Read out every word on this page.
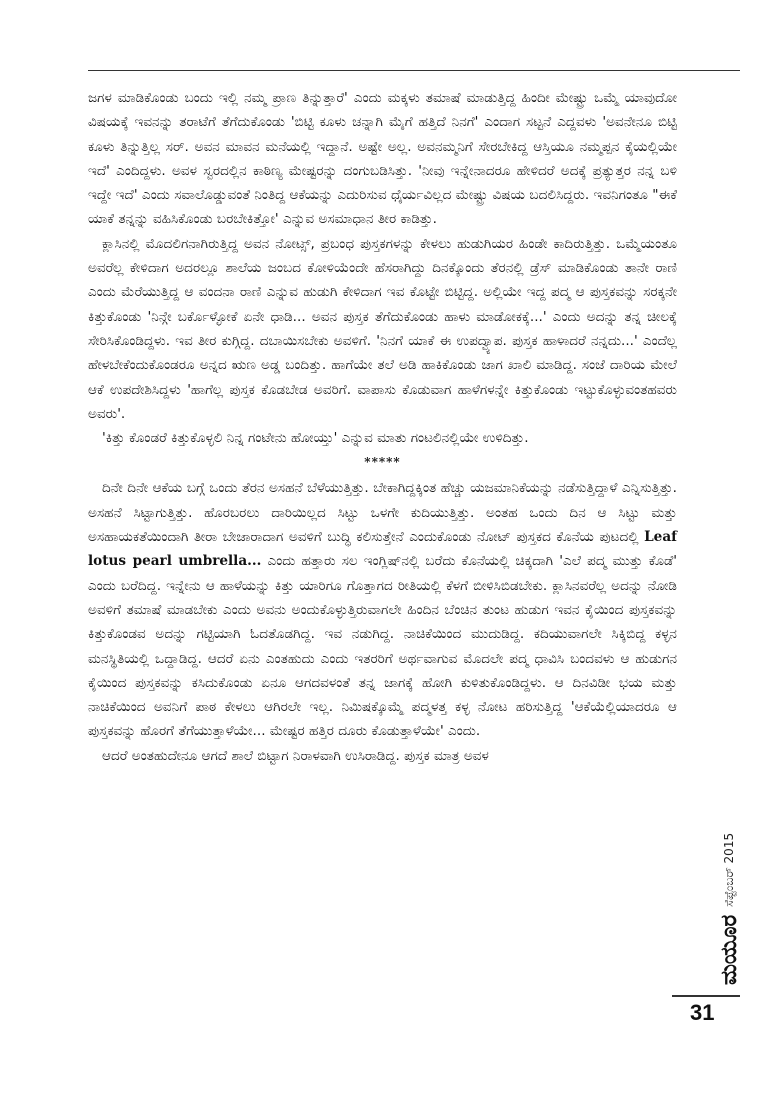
ಜಗಳ ಮಾಡಿಕೊಂಡು ಬಂದು ಇಲ್ಲಿ ನಮ್ಮ ಪ್ರಾಣ ತಿನ್ನುತ್ತಾರೆ' ಎಂದು ಮಕ್ಕಳು ತಮಾಷೆ ಮಾಡುತ್ತಿದ್ದ ಹಿಂದೀ ಮೇಷ್ಟ್ರು ಒಮ್ಮೆ ಯಾವುದೋ ವಿಷಯಕ್ಕೆ ಇವನನ್ನು ತರಾಟೆಗೆ ತೆಗೆದುಕೊಂಡು 'ಬಿಟ್ಟಿ ಕೂಳು ಚನ್ನಾಗಿ ಮೈಗೆ ಹತ್ತಿದೆ ನಿನಗೆ' ಎಂದಾಗ ಸಟ್ಟನೆ ಎದ್ದವಳು 'ಅವನೇನೂ ಬಿಟ್ಟಿ ಕೂಳು ತಿನ್ನುತ್ತಿಲ್ಲ ಸರ್. ಅವನ ಮಾವನ ಮನೆಯಲ್ಲಿ ಇದ್ದಾನೆ. ಅಷ್ಟೇ ಅಲ್ಲ. ಅವನಮ್ಮನಿಗೆ ಸೇರಬೇಕಿದ್ದ ಆಸ್ತಿಯೂ ನಮ್ಮಪ್ಪನ ಕೈಯಲ್ಲಿಯೇ ಇದೆ' ಎಂದಿದ್ದಳು. ಅವಳ ಸ್ವರದಲ್ಲಿನ ಕಾಠಿಣ್ಯ ಮೇಷ್ಟರನ್ನು ದಂಗುಬಡಿಸಿತ್ತು. 'ನೀವು ಇನ್ನೇನಾದರೂ ಹೇಳಿದರೆ ಅದಕ್ಕೆ ಪ್ರತ್ಯುತ್ತರ ನನ್ನ ಬಳಿ ಇದ್ದೇ ಇದೆ' ಎಂದು ಸವಾಲೊಡ್ಡುವಂತೆ ನಿಂತಿದ್ದ ಆಕೆಯನ್ನು ಎದುರಿಸುವ ಧೈರ್ಯವಿಲ್ಲದ ಮೇಷ್ಟ್ರು ವಿಷಯ ಬದಲಿಸಿದ್ದರು. ಇವನಿಗಂತೂ "ಈಕೆ ಯಾಕೆ ತನ್ನನ್ನು ವಹಿಸಿಕೊಂಡು ಬರಬೇಕಿತ್ತೋ' ಎನ್ನುವ ಅಸಮಾಧಾನ ತೀರ ಕಾಡಿತ್ತು.

ಕ್ಲಾಸಿನಲ್ಲಿ ಮೊದಲಿಗನಾಗಿರುತ್ತಿದ್ದ ಅವನ ನೋಟ್ಸ್, ಪ್ರಬಂಧ ಪುಸ್ತಕಗಳನ್ನು ಕೇಳಲು ಹುಡುಗಿಯರ ಹಿಂಡೇ ಕಾದಿರುತ್ತಿತ್ತು. ಒಮ್ಮೆಯಂತೂ ಅವರೆಲ್ಲ ಕೇಳಿದಾಗ ಅದರಲ್ಲೂ ಶಾಲೆಯ ಜಂಬದ ಕೋಳಿಯೆಂದೇ ಹೆಸರಾಗಿದ್ದು ದಿನಕ್ಕೊಂದು ತೆರನಲ್ಲಿ ಡ್ರೆಸ್ ಮಾಡಿಕೊಂಡು ತಾನೇ ರಾಣಿ ಎಂದು ಮೆರೆಯುತ್ತಿದ್ದ ಆ ವಂದನಾ ರಾಣಿ ಎನ್ನುವ ಹುಡುಗಿ ಕೇಳಿದಾಗ ಇವ ಕೊಟ್ಟೇ ಬಿಟ್ಟಿದ್ದ. ಅಲ್ಲಿಯೇ ಇದ್ದ ಪದ್ಮ ಆ ಪುಸ್ತಕವನ್ನು ಸರಕ್ಕನೇ ಕಿತ್ತುಕೊಂಡು 'ನಿನ್ಗೇ ಬರ್ಕೊಳ್ಳೋಕೆ ಏನೇ ಧಾಡಿ... ಅವನ ಪುಸ್ತಕ ತೆಗೆದುಕೊಂಡು ಹಾಳು ಮಾಡೋಕಕ್ಕೆ...' ಎಂದು ಅದನ್ನು ತನ್ನ ಚೀಲಕ್ಕೆ ಸೇರಿಸಿಕೊಂಡಿದ್ದಳು. ಇವ ತೀರ ಕುಗ್ಗಿದ್ದ. ದಬಾಯಿಸಬೇಕು ಅವಳಿಗೆ. 'ನಿನಗೆ ಯಾಕೆ ಈ ಉಪದ್ವ್ಯಾಪ. ಪುಸ್ತಕ ಹಾಳಾದರೆ ನನ್ನದು...' ಎಂದೆಲ್ಲ ಹೇಳಬೇಕೆಂದುಕೊಂಡರೂ ಅನ್ನದ ಋಣ ಅಡ್ಡ ಬಂದಿತ್ತು. ಹಾಗೆಯೇ ತಲೆ ಅಡಿ ಹಾಕಿಕೊಂಡು ಜಾಗ ಖಾಲಿ ಮಾಡಿದ್ದ. ಸಂಜೆ ದಾರಿಯ ಮೇಲೆ ಆಕೆ ಉಪದೇಶಿಸಿದ್ದಳು 'ಹಾಗೆಲ್ಲ ಪುಸ್ತಕ ಕೊಡಬೇಡ ಅವರಿಗೆ. ವಾಪಾಸು ಕೊಡುವಾಗ ಹಾಳೆಗಳನ್ನೇ ಕಿತ್ತುಕೊಂಡು ಇಟ್ಟುಕೊಳ್ಳುವಂತಹವರು ಅವರು'.

'ಕಿತ್ತು ಕೊಂಡರೆ ಕಿತ್ತುಕೊಳ್ಳಲಿ ನಿನ್ನ ಗಂಟೇನು ಹೋಯ್ತು' ಎನ್ನುವ ಮಾತು ಗಂಟಲಿನಲ್ಲಿಯೇ ಉಳಿದಿತ್ತು.

*****

ದಿನೇ ದಿನೇ ಆಕೆಯ ಬಗ್ಗೆ ಒಂದು ತೆರನ ಅಸಹನೆ ಬೆಳೆಯುತ್ತಿತ್ತು. ಬೇಕಾಗಿದ್ದಕ್ಕಿಂತ ಹೆಚ್ಚು ಯಜಮಾನಿಕೆಯನ್ನು ನಡೆಸುತ್ತಿದ್ದಾಳೆ ಎನ್ನಿಸುತ್ತಿತ್ತು. ಅಸಹನೆ ಸಿಟ್ಟಾಗುತ್ತಿತ್ತು. ಹೊರಬರಲು ದಾರಿಯಿಲ್ಲದ ಸಿಟ್ಟು ಒಳಗೇ ಕುದಿಯುತ್ತಿತ್ತು. ಅಂತಹ ಒಂದು ದಿನ ಆ ಸಿಟ್ಟು ಮತ್ತು ಅಸಹಾಯಕತೆಯಿಂದಾಗಿ ತೀರಾ ಬೇಜಾರಾದಾಗ ಅವಳಿಗೆ ಬುದ್ಧಿ ಕಲಿಸುತ್ತೇನೆ ಎಂದುಕೊಂಡು ನೋಟ್ ಪುಸ್ತಕದ ಕೊನೆಯ ಪುಟದಲ್ಲಿ Leaf lotus pearl umbrella... ಎಂದು ಹತ್ತಾರು ಸಲ ಇಂಗ್ಲಿಷ್‌ನಲ್ಲಿ ಬರೆದು ಕೊನೆಯಲ್ಲಿ ಚಿಕ್ಕದಾಗಿ 'ಎಲೆ ಪದ್ಮ ಮುತ್ತು ಕೊಡೆ' ಎಂದು ಬರೆದಿದ್ದ. ಇನ್ನೇನು ಆ ಹಾಳೆಯನ್ನು ಕಿತ್ತು ಯಾರಿಗೂ ಗೊತ್ತಾಗದ ರೀತಿಯಲ್ಲಿ ಕೆಳಗೆ ಬೀಳಿಸಿಬಿಡಬೇಕು. ಕ್ಲಾಸಿನವರೆಲ್ಲ ಅದನ್ನು ನೋಡಿ ಅವಳಿಗೆ ತಮಾಷೆ ಮಾಡಬೇಕು ಎಂದು ಅವನು ಅಂದುಕೊಳ್ಳುತ್ತಿರುವಾಗಲೇ ಹಿಂದಿನ ಬೆಂಚಿನ ತುಂಟ ಹುಡುಗ ಇವನ ಕೈಯಿಂದ ಪುಸ್ತಕವನ್ನು ಕಿತ್ತುಕೊಂಡವ ಅದನ್ನು ಗಟ್ಟಿಯಾಗಿ ಓದತೊಡಗಿದ್ದ. ಇವ ನಡುಗಿದ್ದ. ನಾಚಿಕೆಯಿಂದ ಮುದುಡಿದ್ದ. ಕದಿಯುವಾಗಲೇ ಸಿಕ್ಕಿಬಿದ್ದ ಕಳ್ಳನ ಮನಸ್ಥಿತಿಯಲ್ಲಿ ಒದ್ದಾಡಿದ್ದ. ಆದರೆ ಏನು ಎಂತಹುದು ಎಂದು ಇತರರಿಗೆ ಅರ್ಥವಾಗುವ ಮೊದಲೇ ಪದ್ಮ ಧಾವಿಸಿ ಬಂದವಳು ಆ ಹುಡುಗನ ಕೈಯಿಂದ ಪುಸ್ತಕವನ್ನು ಕಸಿದುಕೊಂಡು ಏನೂ ಆಗದವಳಂತೆ ತನ್ನ ಜಾಗಕ್ಕೆ ಹೋಗಿ ಕುಳಿತುಕೊಂಡಿದ್ದಳು. ಆ ದಿನವಿಡೀ ಭಯ ಮತ್ತು ನಾಚಿಕೆಯಿಂದ ಅವನಿಗೆ ಪಾಠ ಕೇಳಲು ಆಗಿರಲೇ ಇಲ್ಲ. ನಿಮಿಷಕ್ಕೊಮ್ಮೆ ಪದ್ಮಳತ್ತ ಕಳ್ಳ ನೋಟ ಹರಿಸುತ್ತಿದ್ದ 'ಆಕೆಯೆಲ್ಲಿಯಾದರೂ ಆ ಪುಸ್ತಕವನ್ನು ಹೊರಗೆ ತೆಗೆಯುತ್ತಾಳೆಯೇ... ಮೇಷ್ಟರ ಹತ್ತಿರ ದೂರು ಕೊಡುತ್ತಾಳೆಯೇ' ಎಂದು.

ಆದರೆ ಅಂತಹುದೇನೂ ಆಗದೆ ಶಾಲೆ ಬಿಟ್ಟಾಗ ನಿರಾಳವಾಗಿ ಉಸಿರಾಡಿದ್ದ. ಪುಸ್ತಕ ಮಾತ್ರ ಅವಳ

ಮಯೂರ
ಸೆಪ್ಟೆಂಬರ್ 2015
31
